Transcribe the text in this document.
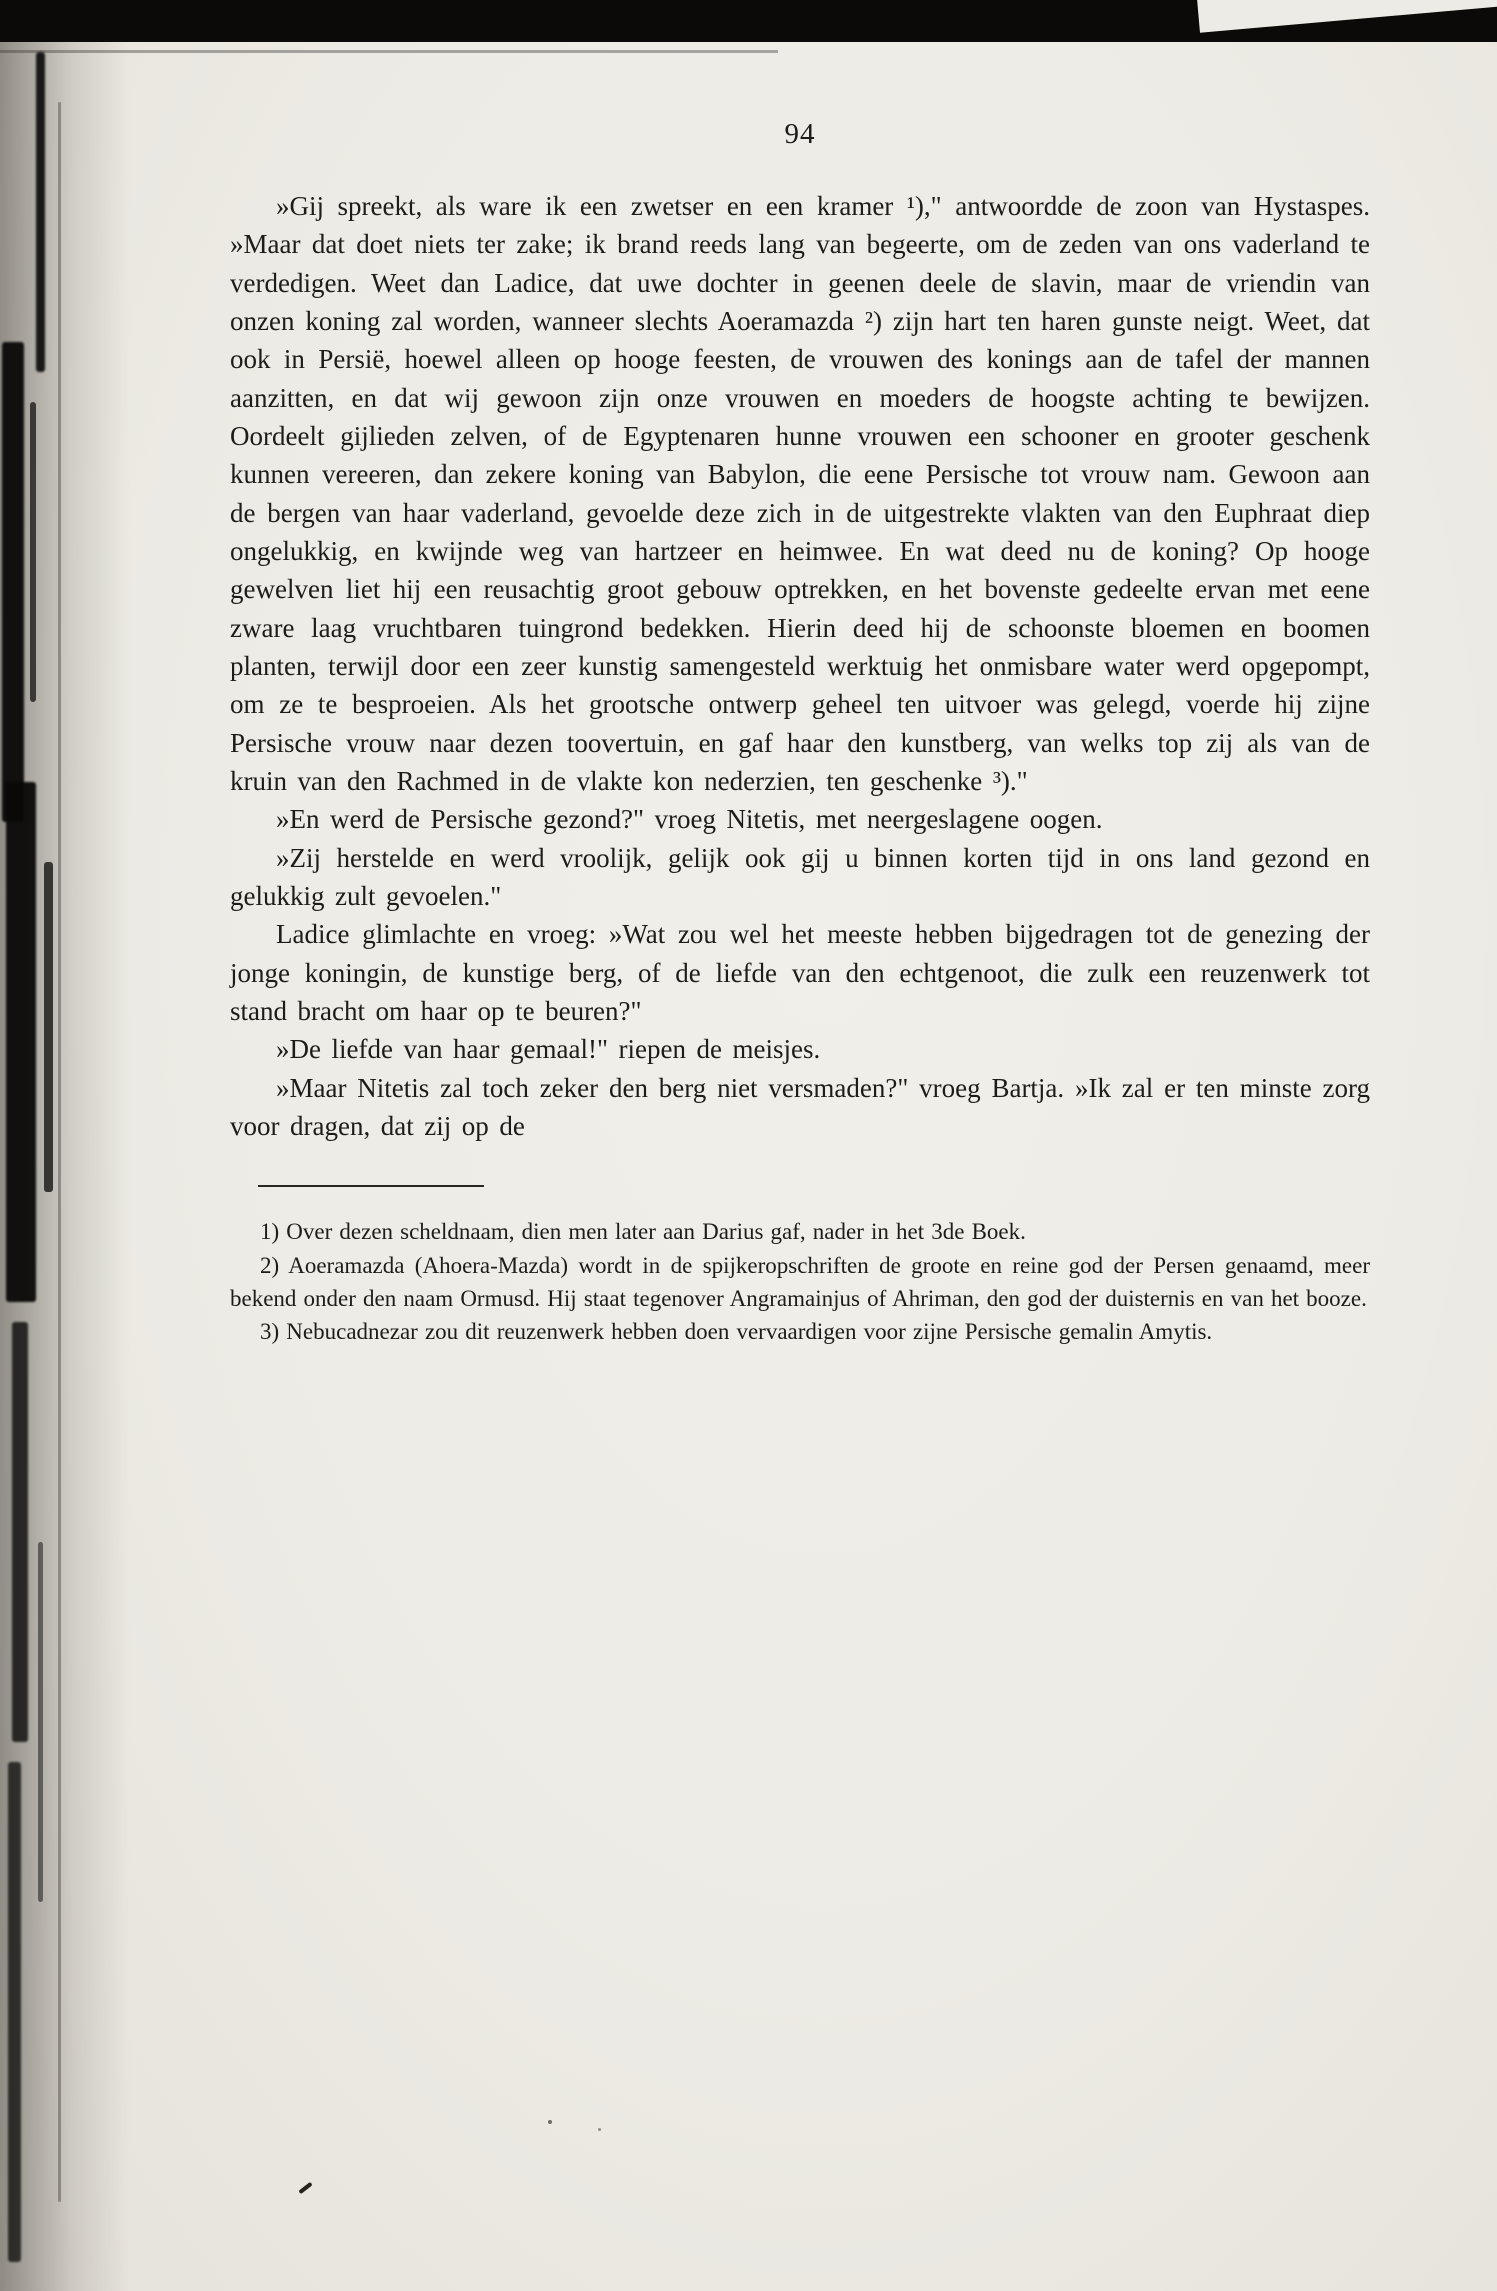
94

»Gij spreekt, als ware ik een zwetser en een kramer ¹)," antwoordde de zoon van Hystaspes. »Maar dat doet niets ter zake; ik brand reeds lang van begeerte, om de zeden van ons vaderland te verdedigen. Weet dan Ladice, dat uwe dochter in geenen deele de slavin, maar de vriendin van onzen koning zal worden, wanneer slechts Aoeramazda ²) zijn hart ten haren gunste neigt. Weet, dat ook in Persië, hoewel alleen op hooge feesten, de vrouwen des konings aan de tafel der mannen aanzitten, en dat wij gewoon zijn onze vrouwen en moeders de hoogste achting te bewijzen. Oordeelt gijlieden zelven, of de Egyptenaren hunne vrouwen een schooner en grooter geschenk kunnen vereeren, dan zekere koning van Babylon, die eene Persische tot vrouw nam. Gewoon aan de bergen van haar vaderland, gevoelde deze zich in de uitgestrekte vlakten van den Euphraat diep ongelukkig, en kwijnde weg van hartzeer en heimwee. En wat deed nu de koning? Op hooge gewelven liet hij een reusachtig groot gebouw optrekken, en het bovenste gedeelte ervan met eene zware laag vruchtbaren tuingrond bedekken. Hierin deed hij de schoonste bloemen en boomen planten, terwijl door een zeer kunstig samengesteld werktuig het onmisbare water werd opgepompt, om ze te besproeien. Als het grootsche ontwerp geheel ten uitvoer was gelegd, voerde hij zijne Persische vrouw naar dezen toovertuin, en gaf haar den kunstberg, van welks top zij als van de kruin van den Rachmed in de vlakte kon nederzien, ten geschenke ³)."

»En werd de Persische gezond?" vroeg Nitetis, met neergeslagene oogen.

»Zij herstelde en werd vroolijk, gelijk ook gij u binnen korten tijd in ons land gezond en gelukkig zult gevoelen."

Ladice glimlachte en vroeg: »Wat zou wel het meeste hebben bijgedragen tot de genezing der jonge koningin, de kunstige berg, of de liefde van den echtgenoot, die zulk een reuzenwerk tot stand bracht om haar op te beuren?"

»De liefde van haar gemaal!" riepen de meisjes.

»Maar Nitetis zal toch zeker den berg niet versmaden?" vroeg Bartja. »Ik zal er ten minste zorg voor dragen, dat zij op de

1) Over dezen scheldnaam, dien men later aan Darius gaf, nader in het 3de Boek.

2) Aoeramazda (Ahoera-Mazda) wordt in de spijkeropschriften de groote en reine god der Persen genaamd, meer bekend onder den naam Ormusd. Hij staat tegenover Angramainjus of Ahriman, den god der duisternis en van het booze.

3) Nebucadnezar zou dit reuzenwerk hebben doen vervaardigen voor zijne Persische gemalin Amytis.
